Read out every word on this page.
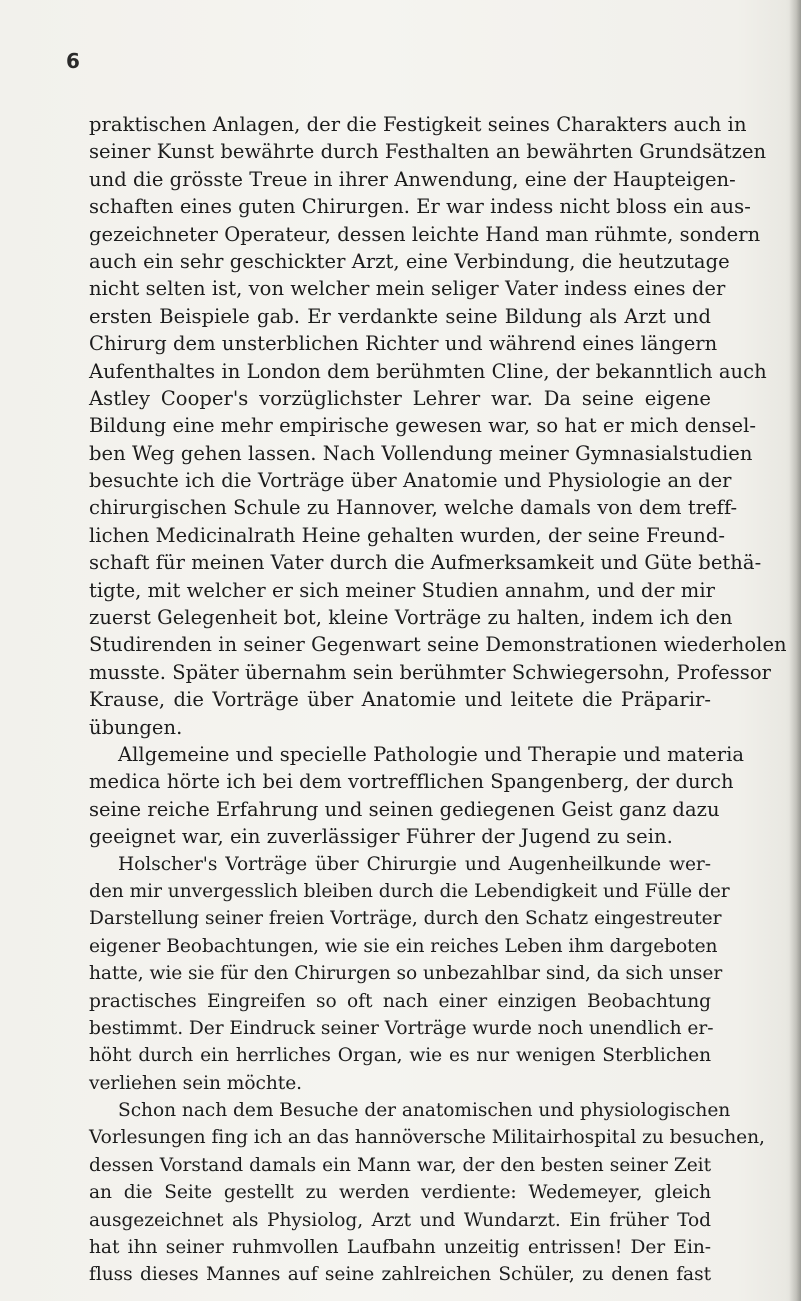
6
praktischen Anlagen, der die Festigkeit seines Charakters auch in
seiner Kunst bewährte durch Festhalten an bewährten Grundsätzen
und die grösste Treue in ihrer Anwendung, eine der Haupteigen-
schaften eines guten Chirurgen. Er war indess nicht bloss ein aus-
gezeichneter Operateur, dessen leichte Hand man rühmte, sondern
auch ein sehr geschickter Arzt, eine Verbindung, die heutzutage
nicht selten ist, von welcher mein seliger Vater indess eines der
ersten Beispiele gab. Er verdankte seine Bildung als Arzt und
Chirurg dem unsterblichen Richter und während eines längern
Aufenthaltes in London dem berühmten Cline, der bekanntlich auch
Astley Cooper's vorzüglichster Lehrer war. Da seine eigene
Bildung eine mehr empirische gewesen war, so hat er mich densel-
ben Weg gehen lassen. Nach Vollendung meiner Gymnasialstudien
besuchte ich die Vorträge über Anatomie und Physiologie an der
chirurgischen Schule zu Hannover, welche damals von dem treff-
lichen Medicinalrath Heine gehalten wurden, der seine Freund-
schaft für meinen Vater durch die Aufmerksamkeit und Güte bethä-
tigte, mit welcher er sich meiner Studien annahm, und der mir
zuerst Gelegenheit bot, kleine Vorträge zu halten, indem ich den
Studirenden in seiner Gegenwart seine Demonstrationen wiederholen
musste. Später übernahm sein berühmter Schwiegersohn, Professor
Krause, die Vorträge über Anatomie und leitete die Präparir-
übungen.
Allgemeine und specielle Pathologie und Therapie und materia
medica hörte ich bei dem vortrefflichen Spangenberg, der durch
seine reiche Erfahrung und seinen gediegenen Geist ganz dazu
geeignet war, ein zuverlässiger Führer der Jugend zu sein.
Holscher's Vorträge über Chirurgie und Augenheilkunde wer-
den mir unvergesslich bleiben durch die Lebendigkeit und Fülle der
Darstellung seiner freien Vorträge, durch den Schatz eingestreuter
eigener Beobachtungen, wie sie ein reiches Leben ihm dargeboten
hatte, wie sie für den Chirurgen so unbezahlbar sind, da sich unser
practisches Eingreifen so oft nach einer einzigen Beobachtung
bestimmt. Der Eindruck seiner Vorträge wurde noch unendlich er-
höht durch ein herrliches Organ, wie es nur wenigen Sterblichen
verliehen sein möchte.
Schon nach dem Besuche der anatomischen und physiologischen
Vorlesungen fing ich an das hannöversche Militairhospital zu besuchen,
dessen Vorstand damals ein Mann war, der den besten seiner Zeit
an die Seite gestellt zu werden verdiente: Wedemeyer, gleich
ausgezeichnet als Physiolog, Arzt und Wundarzt. Ein früher Tod
hat ihn seiner ruhmvollen Laufbahn unzeitig entrissen! Der Ein-
fluss dieses Mannes auf seine zahlreichen Schüler, zu denen fast
